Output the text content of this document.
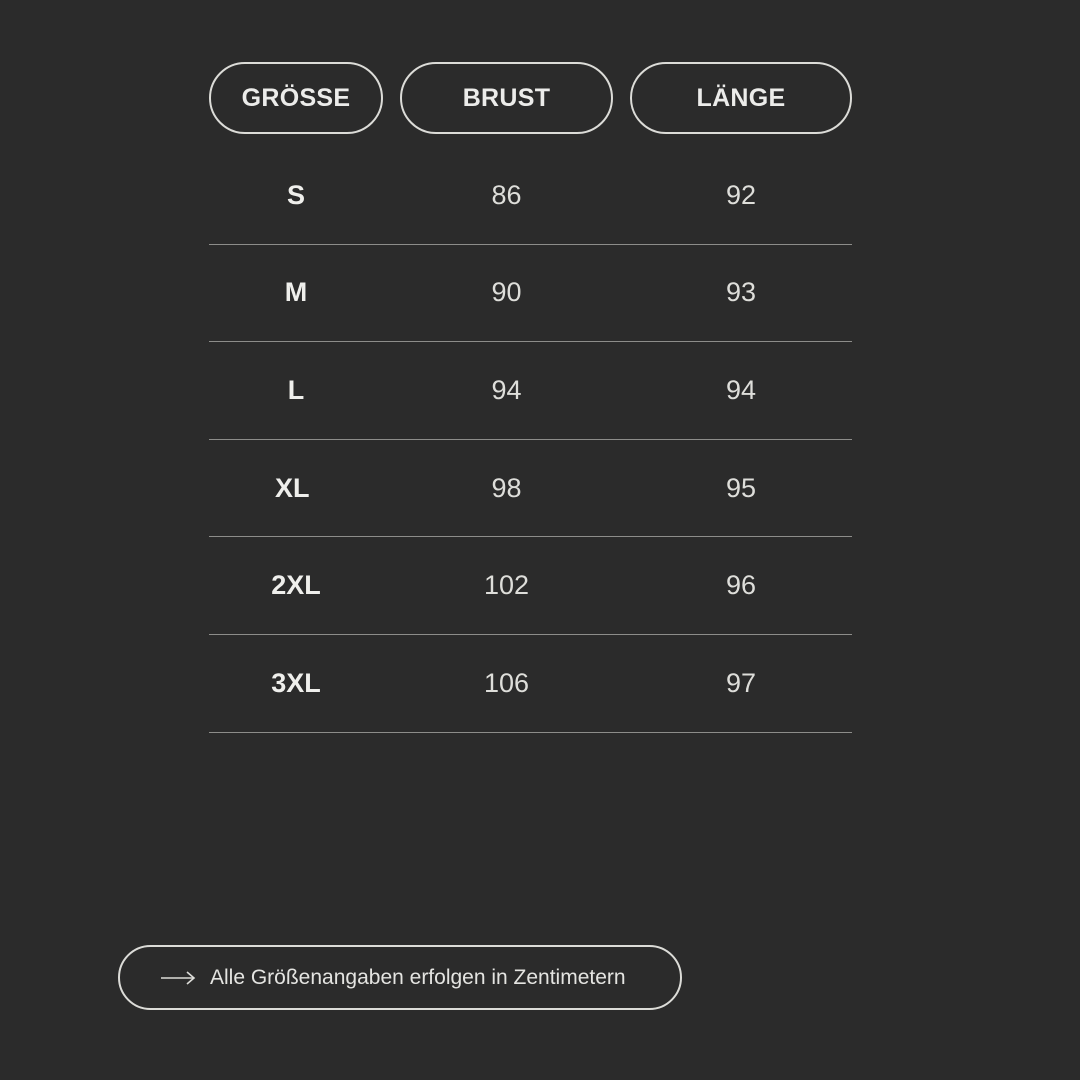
GRÖSSE	BRUST	LÄNGE
S	86	92
M	90	93
L	94	94
XL	98	95
2XL	102	96
3XL	106	97
Alle Größenangaben erfolgen in Zentimetern
